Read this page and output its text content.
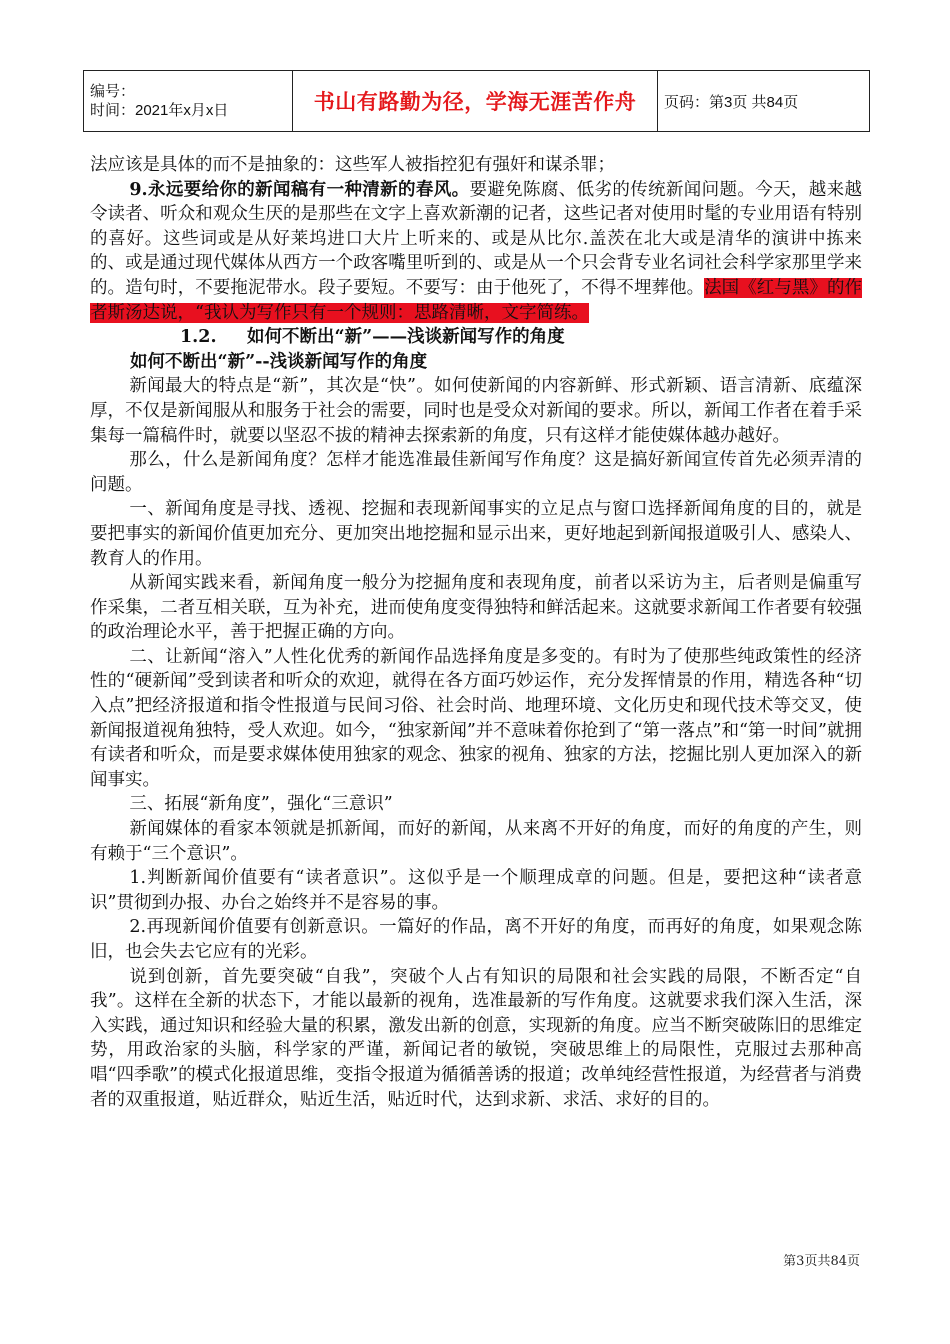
编号：
时间：2021年x月x日	书山有路勤为径，学海无涯苦作舟	页码：第3页 共84页

法应该是具体的而不是抽象的：这些军人被指控犯有强奸和谋杀罪；

9.永远要给你的新闻稿有一种清新的春风。要避免陈腐、低劣的传统新闻问题。今天，越来越令读者、听众和观众生厌的是那些在文字上喜欢新潮的记者，这些记者对使用时髦的专业用语有特别的喜好。这些词或是从好莱坞进口大片上听来的、或是从比尔.盖茨在北大或是清华的演讲中拣来的、或是通过现代媒体从西方一个政客嘴里听到的、或是从一个只会背专业名词社会科学家那里学来的。造句时，不要拖泥带水。段子要短。不要写：由于他死了，不得不埋葬他。法国《红与黑》的作者斯汤达说，“我认为写作只有一个规则：思路清晰，文字简练。

1.2. 如何不断出“新”——浅谈新闻写作的角度

如何不断出“新”--浅谈新闻写作的角度

新闻最大的特点是“新”，其次是“快”。如何使新闻的内容新鲜、形式新颖、语言清新、底蕴深厚，不仅是新闻服从和服务于社会的需要，同时也是受众对新闻的要求。所以，新闻工作者在着手采集每一篇稿件时，就要以坚忍不拔的精神去探索新的角度，只有这样才能使媒体越办越好。

那么，什么是新闻角度？怎样才能选准最佳新闻写作角度？这是搞好新闻宣传首先必须弄清的问题。

一、新闻角度是寻找、透视、挖掘和表现新闻事实的立足点与窗口选择新闻角度的目的，就是要把事实的新闻价值更加充分、更加突出地挖掘和显示出来，更好地起到新闻报道吸引人、感染人、教育人的作用。

从新闻实践来看，新闻角度一般分为挖掘角度和表现角度，前者以采访为主，后者则是偏重写作采集，二者互相关联，互为补充，进而使角度变得独特和鲜活起来。这就要求新闻工作者要有较强的政治理论水平，善于把握正确的方向。

二、让新闻“溶入”人性化优秀的新闻作品选择角度是多变的。有时为了使那些纯政策性的经济性的“硬新闻”受到读者和听众的欢迎，就得在各方面巧妙运作，充分发挥情景的作用，精选各种“切入点”把经济报道和指令性报道与民间习俗、社会时尚、地理环境、文化历史和现代技术等交叉，使新闻报道视角独特，受人欢迎。如今，“独家新闻”并不意味着你抢到了“第一落点”和“第一时间”就拥有读者和听众，而是要求媒体使用独家的观念、独家的视角、独家的方法，挖掘比别人更加深入的新闻事实。

三、拓展“新角度”，强化“三意识”

新闻媒体的看家本领就是抓新闻，而好的新闻，从来离不开好的角度，而好的角度的产生，则有赖于“三个意识”。

1.判断新闻价值要有“读者意识”。这似乎是一个顺理成章的问题。但是，要把这种“读者意识”贯彻到办报、办台之始终并不是容易的事。

2.再现新闻价值要有创新意识。一篇好的作品，离不开好的角度，而再好的角度，如果观念陈旧，也会失去它应有的光彩。

说到创新，首先要突破“自我”，突破个人占有知识的局限和社会实践的局限，不断否定“自我”。这样在全新的状态下，才能以最新的视角，选准最新的写作角度。这就要求我们深入生活，深入实践，通过知识和经验大量的积累，激发出新的创意，实现新的角度。应当不断突破陈旧的思维定势，用政治家的头脑，科学家的严谨，新闻记者的敏锐，突破思维上的局限性，克服过去那种高唱“四季歌”的模式化报道思维，变指令报道为循循善诱的报道；改单纯经营性报道，为经营者与消费者的双重报道，贴近群众，贴近生活，贴近时代，达到求新、求活、求好的目的。

第3页共84页
